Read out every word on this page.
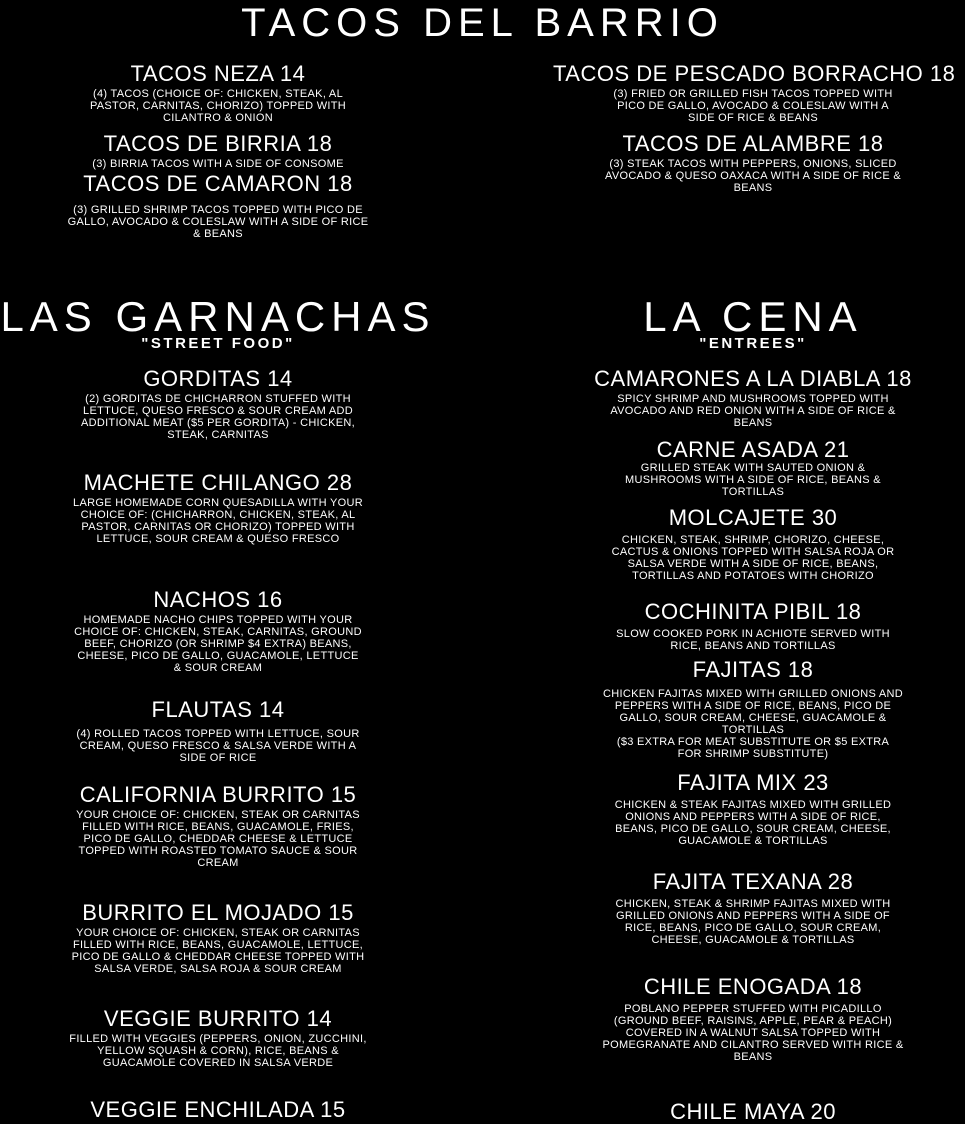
TACOS DEL BARRIO
TACOS NEZA 14
(4) TACOS (CHOICE OF: CHICKEN, STEAK, AL PASTOR, CARNITAS, CHORIZO) TOPPED WITH CILANTRO & ONION
TACOS DE BIRRIA 18
(3) BIRRIA TACOS WITH A SIDE OF CONSOME
TACOS DE CAMARON 18
(3) GRILLED SHRIMP TACOS TOPPED WITH PICO DE GALLO, AVOCADO & COLESLAW WITH A SIDE OF RICE & BEANS
TACOS DE PESCADO BORRACHO 18
(3) FRIED OR GRILLED FISH TACOS TOPPED WITH PICO DE GALLO, AVOCADO & COLESLAW WITH A SIDE OF RICE & BEANS
TACOS DE ALAMBRE 18
(3) STEAK TACOS WITH PEPPERS, ONIONS, SLICED AVOCADO & QUESO OAXACA WITH A SIDE OF RICE & BEANS
LAS GARNACHAS
"STREET FOOD"
LA CENA
"ENTREES"
GORDITAS 14
(2) GORDITAS DE CHICHARRON STUFFED WITH LETTUCE, QUESO FRESCO & SOUR CREAM ADD ADDITIONAL MEAT ($5 PER GORDITA) - CHICKEN, STEAK, CARNITAS
MACHETE CHILANGO 28
LARGE HOMEMADE CORN QUESADILLA WITH YOUR CHOICE OF: (CHICHARRON, CHICKEN, STEAK, AL PASTOR, CARNITAS OR CHORIZO) TOPPED WITH LETTUCE, SOUR CREAM & QUESO FRESCO
NACHOS 16
HOMEMADE NACHO CHIPS TOPPED WITH YOUR CHOICE OF: CHICKEN, STEAK, CARNITAS, GROUND BEEF, CHORIZO (OR SHRIMP $4 EXTRA) BEANS, CHEESE, PICO DE GALLO, GUACAMOLE, LETTUCE & SOUR CREAM
FLAUTAS 14
(4) ROLLED TACOS TOPPED WITH LETTUCE, SOUR CREAM, QUESO FRESCO & SALSA VERDE WITH A SIDE OF RICE
CALIFORNIA BURRITO 15
YOUR CHOICE OF: CHICKEN, STEAK OR CARNITAS FILLED WITH RICE, BEANS, GUACAMOLE, FRIES, PICO DE GALLO, CHEDDAR CHEESE & LETTUCE TOPPED WITH ROASTED TOMATO SAUCE & SOUR CREAM
BURRITO EL MOJADO 15
YOUR CHOICE OF: CHICKEN, STEAK OR CARNITAS FILLED WITH RICE, BEANS, GUACAMOLE, LETTUCE, PICO DE GALLO & CHEDDAR CHEESE TOPPED WITH SALSA VERDE, SALSA ROJA & SOUR CREAM
VEGGIE BURRITO 14
FILLED WITH VEGGIES (PEPPERS, ONION, ZUCCHINI, YELLOW SQUASH & CORN), RICE, BEANS & GUACAMOLE COVERED IN SALSA VERDE
VEGGIE ENCHILADA 15
CAMARONES A LA DIABLA 18
SPICY SHRIMP AND MUSHROOMS TOPPED WITH AVOCADO AND RED ONION WITH A SIDE OF RICE & BEANS
CARNE ASADA 21
GRILLED STEAK WITH SAUTED ONION & MUSHROOMS WITH A SIDE OF RICE, BEANS & TORTILLAS
MOLCAJETE 30
CHICKEN, STEAK, SHRIMP, CHORIZO, CHEESE, CACTUS & ONIONS TOPPED WITH SALSA ROJA OR SALSA VERDE WITH A SIDE OF RICE, BEANS, TORTILLAS AND POTATOES WITH CHORIZO
COCHINITA PIBIL 18
SLOW COOKED PORK IN ACHIOTE SERVED WITH RICE, BEANS AND TORTILLAS
FAJITAS 18
CHICKEN FAJITAS MIXED WITH GRILLED ONIONS AND PEPPERS WITH A SIDE OF RICE, BEANS, PICO DE GALLO, SOUR CREAM, CHEESE, GUACAMOLE & TORTILLAS
($3 EXTRA FOR MEAT SUBSTITUTE OR $5 EXTRA FOR SHRIMP SUBSTITUTE)
FAJITA MIX 23
CHICKEN & STEAK FAJITAS MIXED WITH GRILLED ONIONS AND PEPPERS WITH A SIDE OF RICE, BEANS, PICO DE GALLO, SOUR CREAM, CHEESE, GUACAMOLE & TORTILLAS
FAJITA TEXANA 28
CHICKEN, STEAK & SHRIMP FAJITAS MIXED WITH GRILLED ONIONS AND PEPPERS WITH A SIDE OF RICE, BEANS, PICO DE GALLO, SOUR CREAM, CHEESE, GUACAMOLE & TORTILLAS
CHILE ENOGADA 18
POBLANO PEPPER STUFFED WITH PICADILLO (GROUND BEEF, RAISINS, APPLE, PEAR & PEACH) COVERED IN A WALNUT SALSA TOPPED WITH POMEGRANATE AND CILANTRO SERVED WITH RICE & BEANS
CHILE MAYA 20
